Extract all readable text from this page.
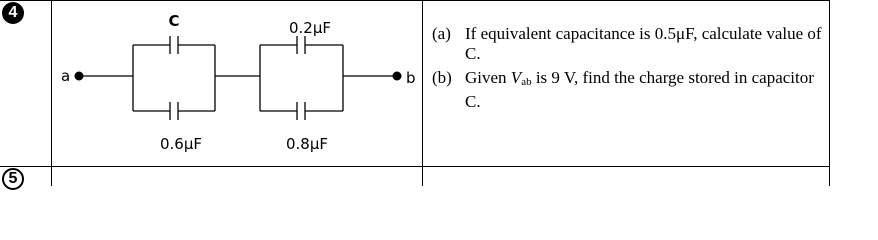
4
5
a	b
C
0.6μF
0.2μF
0.8μF
(a) If equivalent capacitance is 0.5μF, calculate value of C.
(b) Given Vab is 9 V, find the charge stored in capacitor C.
